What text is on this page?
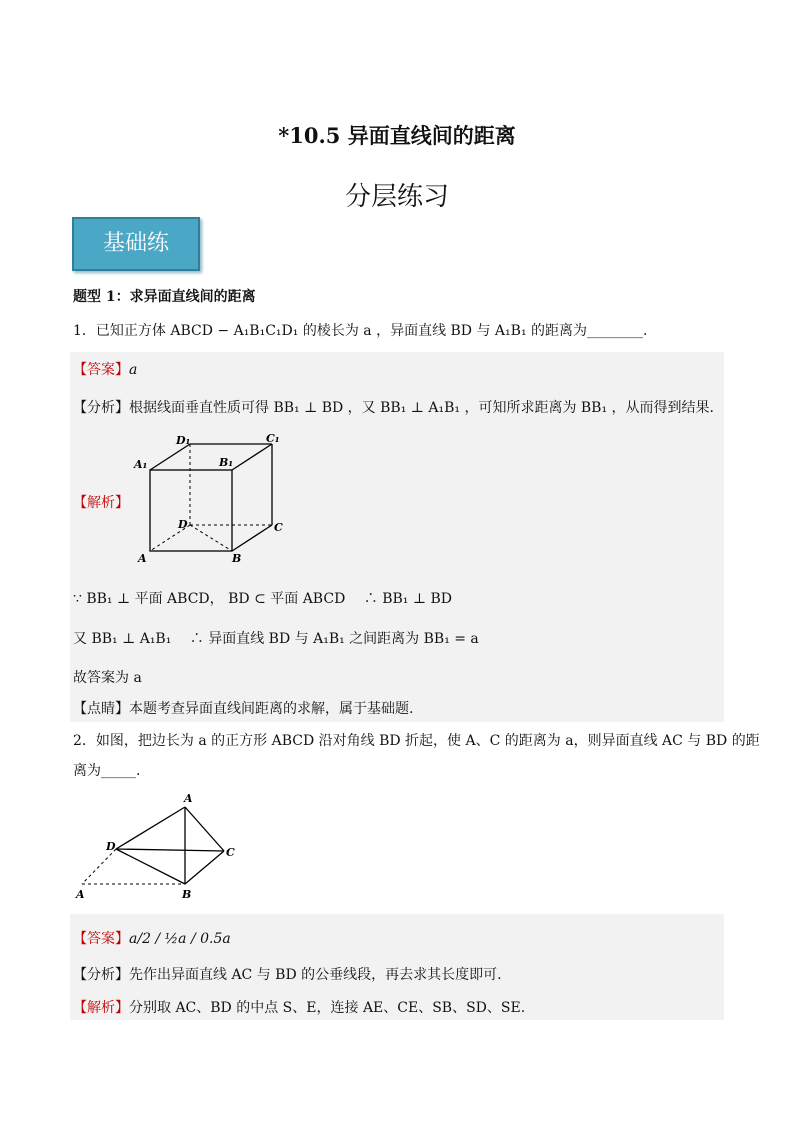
*10.5 异面直线间的距离
分层练习
基础练
题型 1：求异面直线间的距离
1．已知正方体 ABCD − A₁B₁C₁D₁ 的棱长为 a ，异面直线 BD 与 A₁B₁ 的距离为________.
【答案】a
【分析】根据线面垂直性质可得 BB₁ ⊥ BD ，又 BB₁ ⊥ A₁B₁ ，可知所求距离为 BB₁ ，从而得到结果.
【解析】
D₁	C₁
A₁	B₁
D	C
A	B
∵ BB₁ ⊥ 平面 ABCD， BD ⊂ 平面 ABCD　 ∴ BB₁ ⊥ BD
又 BB₁ ⊥ A₁B₁　 ∴ 异面直线 BD 与 A₁B₁ 之间距离为 BB₁ = a
故答案为 a
【点睛】本题考查异面直线间距离的求解，属于基础题.
2．如图，把边长为 a 的正方形 ABCD 沿对角线 BD 折起，使 A、C 的距离为 a，则异面直线 AC 与 BD 的距
离为_____.
A
D	C
A	B
【答案】a/2 / ½a / 0.5a
【分析】先作出异面直线 AC 与 BD 的公垂线段，再去求其长度即可.
【解析】分别取 AC、BD 的中点 S、E，连接 AE、CE、SB、SD、SE.
